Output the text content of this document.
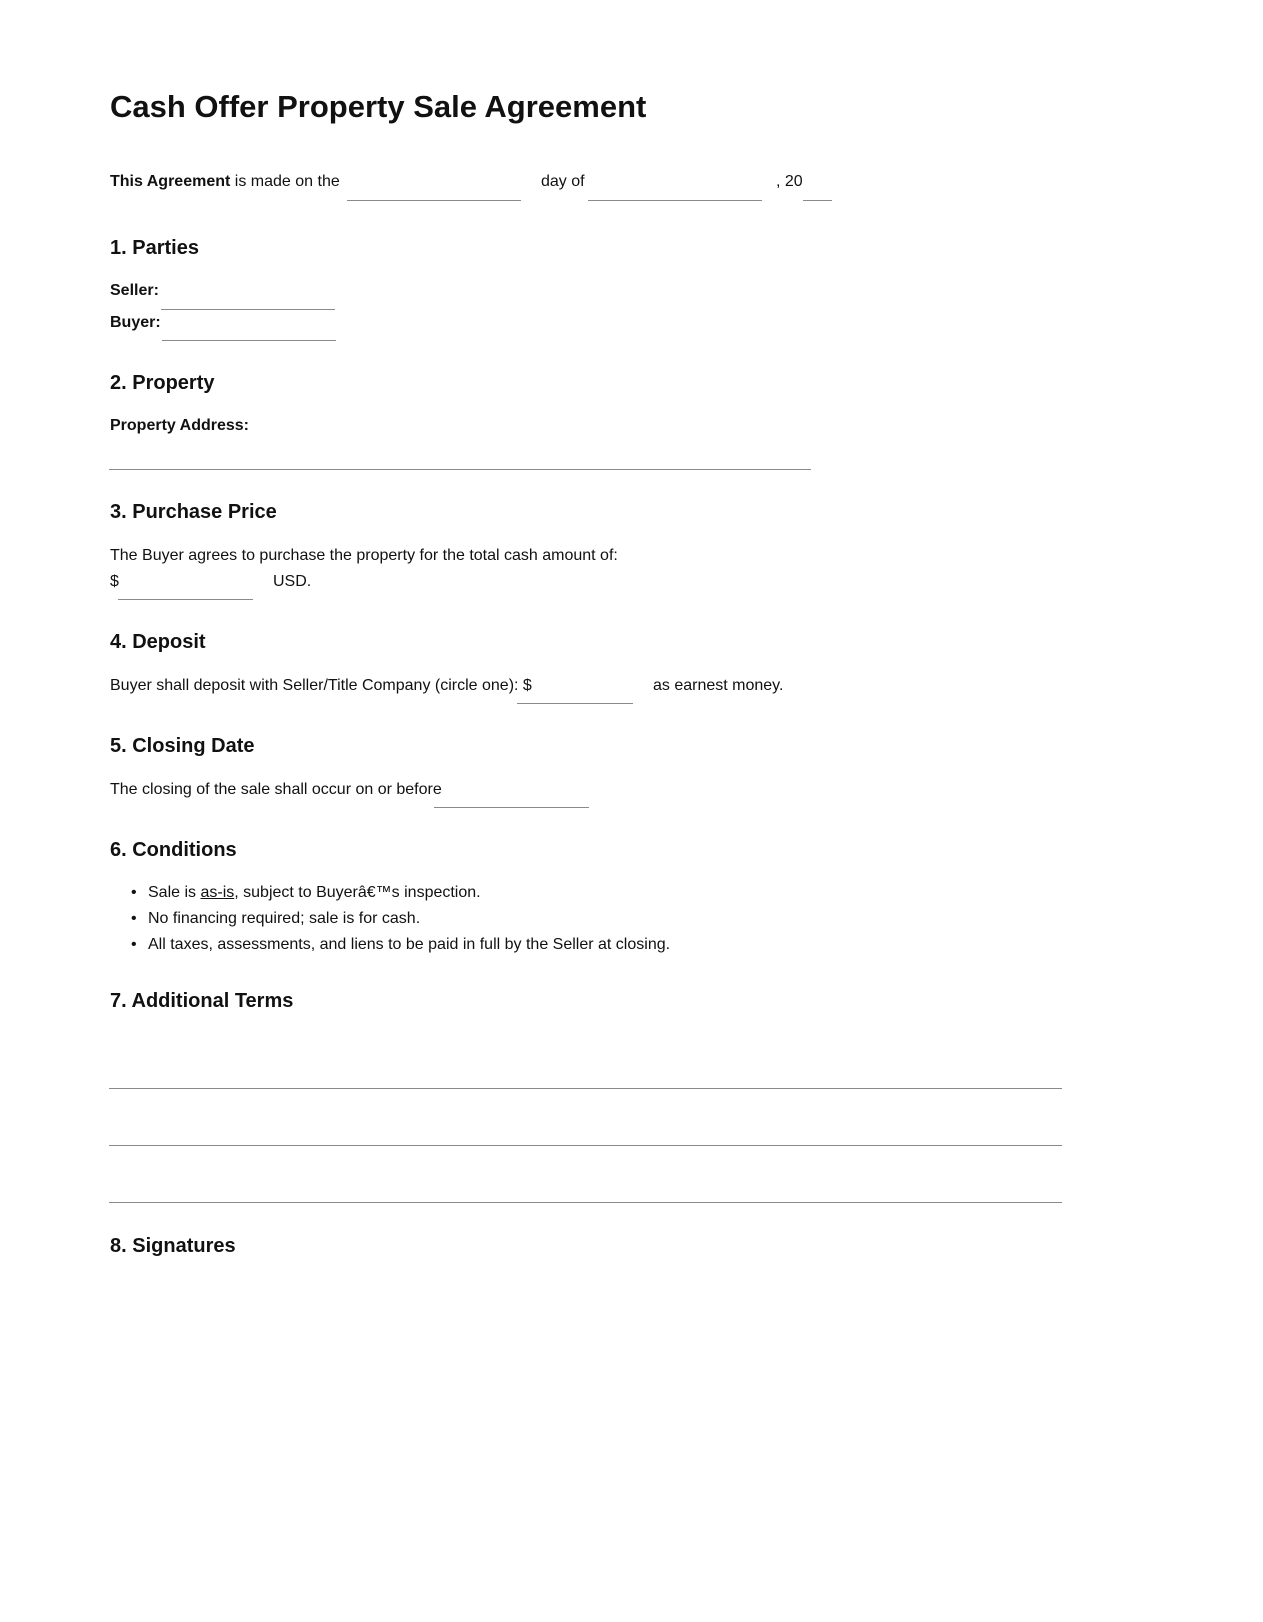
Cash Offer Property Sale Agreement
This Agreement is made on the	day of	, 20
1. Parties
Seller:
Buyer:
2. Property
Property Address:
3. Purchase Price
The Buyer agrees to purchase the property for the total cash amount of:
$	USD.
4. Deposit
Buyer shall deposit with Seller/Title Company (circle one): $	as earnest money.
5. Closing Date
The closing of the sale shall occur on or before
6. Conditions
• Sale is as-is, subject to Buyerâ€™s inspection.
• No financing required; sale is for cash.
• All taxes, assessments, and liens to be paid in full by the Seller at closing.
7. Additional Terms
8. Signatures
